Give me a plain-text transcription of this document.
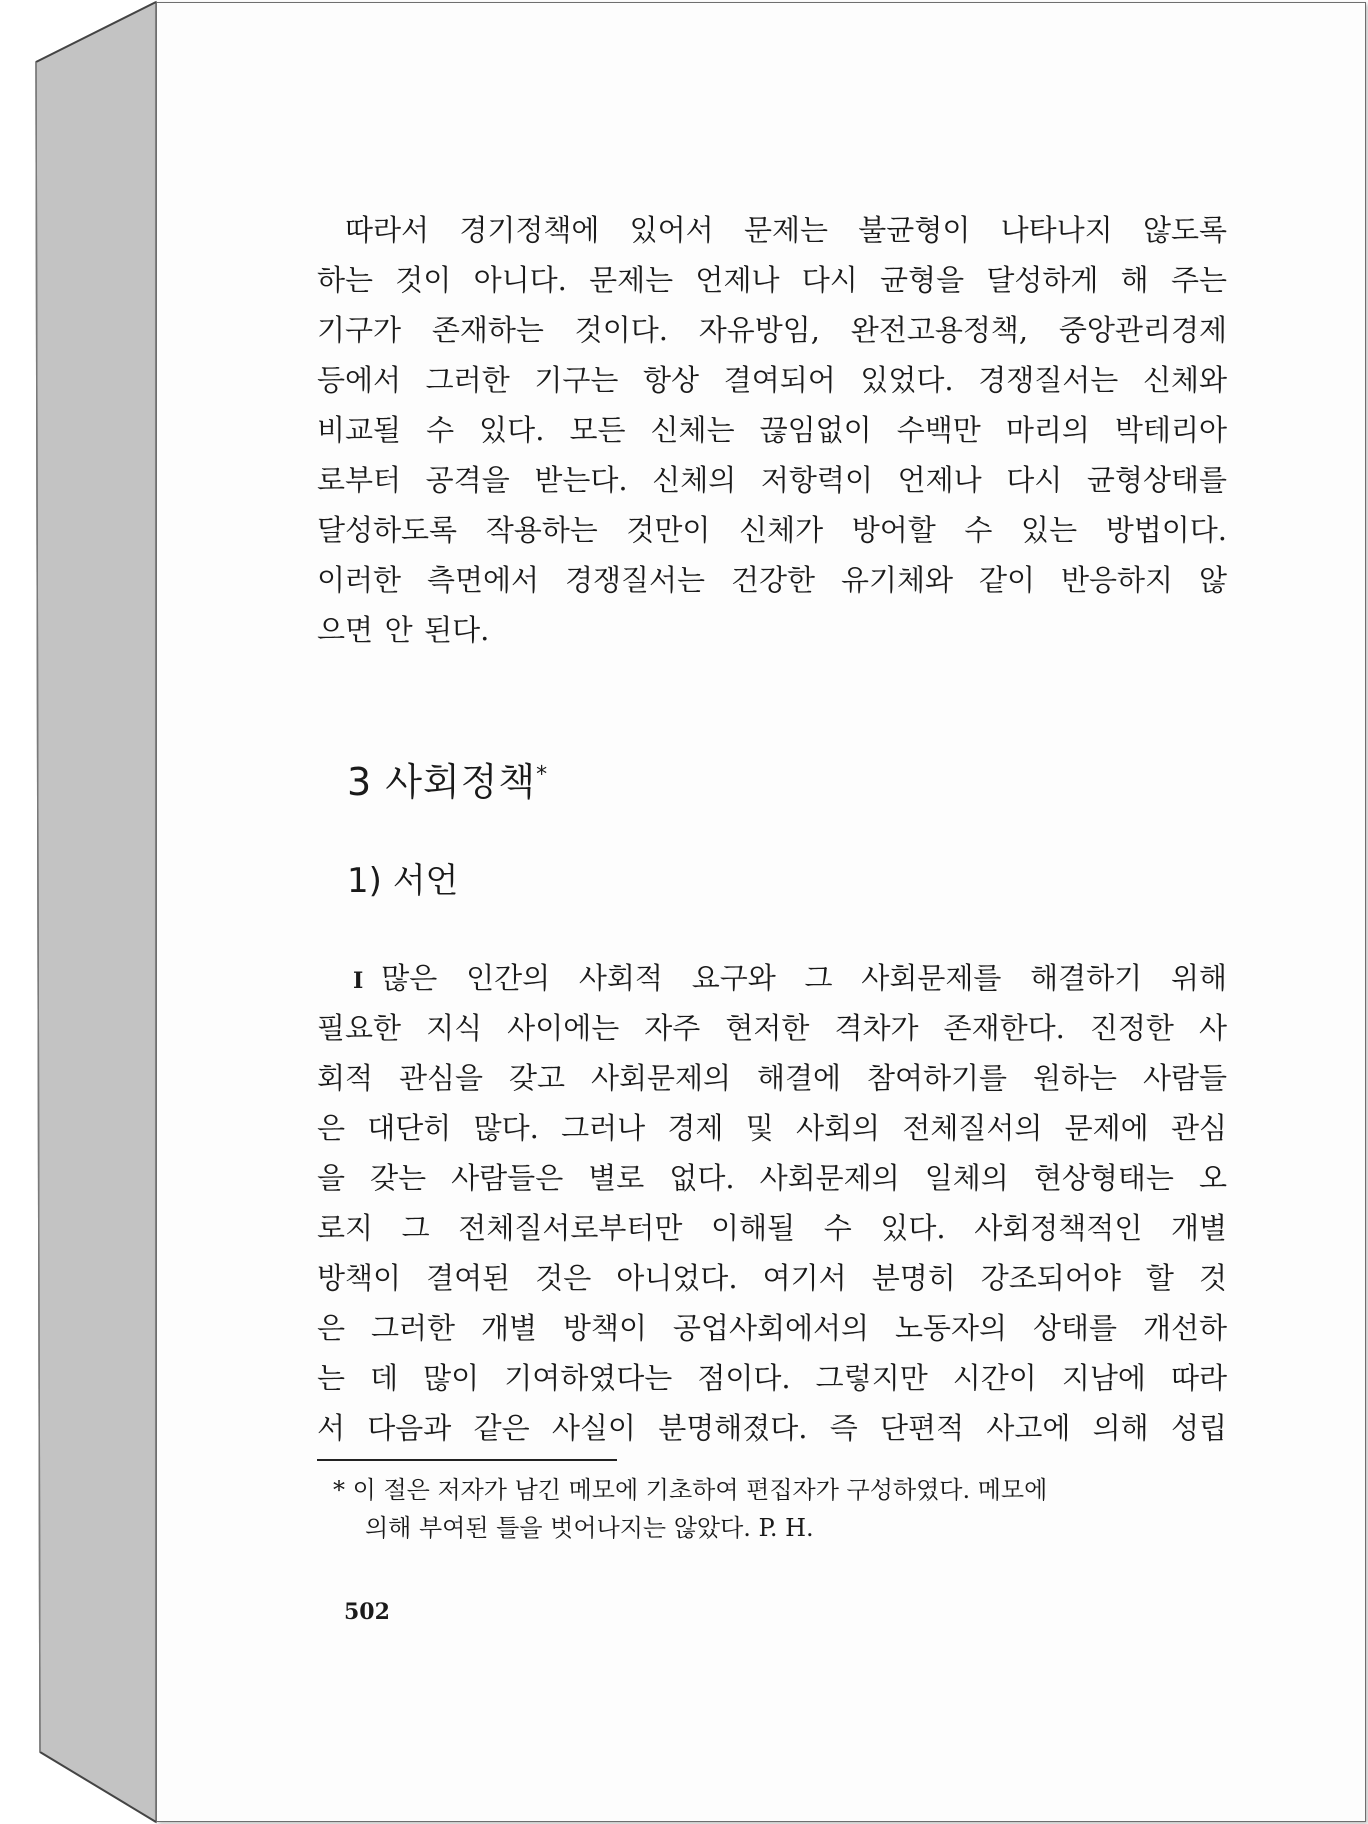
따라서 경기정책에 있어서 문제는 불균형이 나타나지 않도록
하는 것이 아니다. 문제는 언제나 다시 균형을 달성하게 해 주는
기구가 존재하는 것이다. 자유방임, 완전고용정책, 중앙관리경제
등에서 그러한 기구는 항상 결여되어 있었다. 경쟁질서는 신체와
비교될 수 있다. 모든 신체는 끊임없이 수백만 마리의 박테리아
로부터 공격을 받는다. 신체의 저항력이 언제나 다시 균형상태를
달성하도록 작용하는 것만이 신체가 방어할 수 있는 방법이다.
이러한 측면에서 경쟁질서는 건강한 유기체와 같이 반응하지 않
으면 안 된다.
3 사회정책*
1) 서언
I 많은 인간의 사회적 요구와 그 사회문제를 해결하기 위해
필요한 지식 사이에는 자주 현저한 격차가 존재한다. 진정한 사
회적 관심을 갖고 사회문제의 해결에 참여하기를 원하는 사람들
은 대단히 많다. 그러나 경제 및 사회의 전체질서의 문제에 관심
을 갖는 사람들은 별로 없다. 사회문제의 일체의 현상형태는 오
로지 그 전체질서로부터만 이해될 수 있다. 사회정책적인 개별
방책이 결여된 것은 아니었다. 여기서 분명히 강조되어야 할 것
은 그러한 개별 방책이 공업사회에서의 노동자의 상태를 개선하
는 데 많이 기여하였다는 점이다. 그렇지만 시간이 지남에 따라
서 다음과 같은 사실이 분명해졌다. 즉 단편적 사고에 의해 성립
* 이 절은 저자가 남긴 메모에 기초하여 편집자가 구성하였다. 메모에
의해 부여된 틀을 벗어나지는 않았다. P. H.
502
